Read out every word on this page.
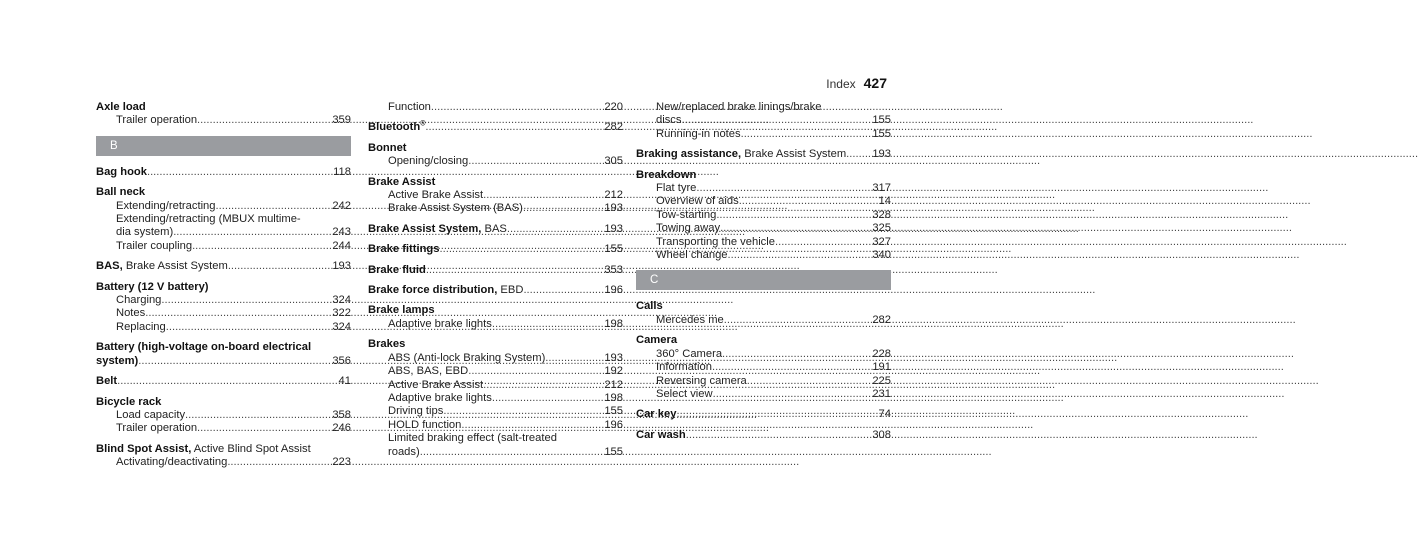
Index 427
Axle load
Trailer operation .....	359
B
Bag hook .....	118
Ball neck
Extending/retracting .....	242
Extending/retracting (MBUX multime-
dia system) .....	243
Trailer coupling .....	244
BAS, Brake Assist System .....	193
Battery (12 V battery)
Charging .....	324
Notes .....	322
Replacing .....	324
Battery (high-voltage on-board electrical
system) .....	356
Belt .....	41
Bicycle rack
Load capacity .....	358
Trailer operation .....	246
Blind Spot Assist, Active Blind Spot Assist
Activating/deactivating .....	223
Function .....	220
Bluetooth® .....	282
Bonnet
Opening/closing .....	305
Brake Assist
Active Brake Assist .....	212
Brake Assist System (BAS) .....	193
Brake Assist System, BAS .....	193
Brake fittings .....	155
Brake fluid .....	353
Brake force distribution, EBD .....	196
Brake lamps
Adaptive brake lights .....	198
Brakes
ABS (Anti-lock Braking System) .....	193
ABS, BAS, EBD .....	192
Active Brake Assist .....	212
Adaptive brake lights .....	198
Driving tips .....	155
HOLD function .....	196
Limited braking effect (salt-treated
roads) .....	155
New/replaced brake linings/brake
discs .....	155
Running-in notes .....	155
Braking assistance, Brake Assist System ..... 193
Breakdown
Flat tyre .....	317
Overview of aids .....	14
Tow-starting .....	328
Towing away .....	325
Transporting the vehicle .....	327
Wheel change .....	340
C
Calls
Mercedes me .....	282
Camera
360° Camera .....	228
Information .....	191
Reversing camera .....	225
Select view .....	231
Car key .....	74
Car wash .....	308
